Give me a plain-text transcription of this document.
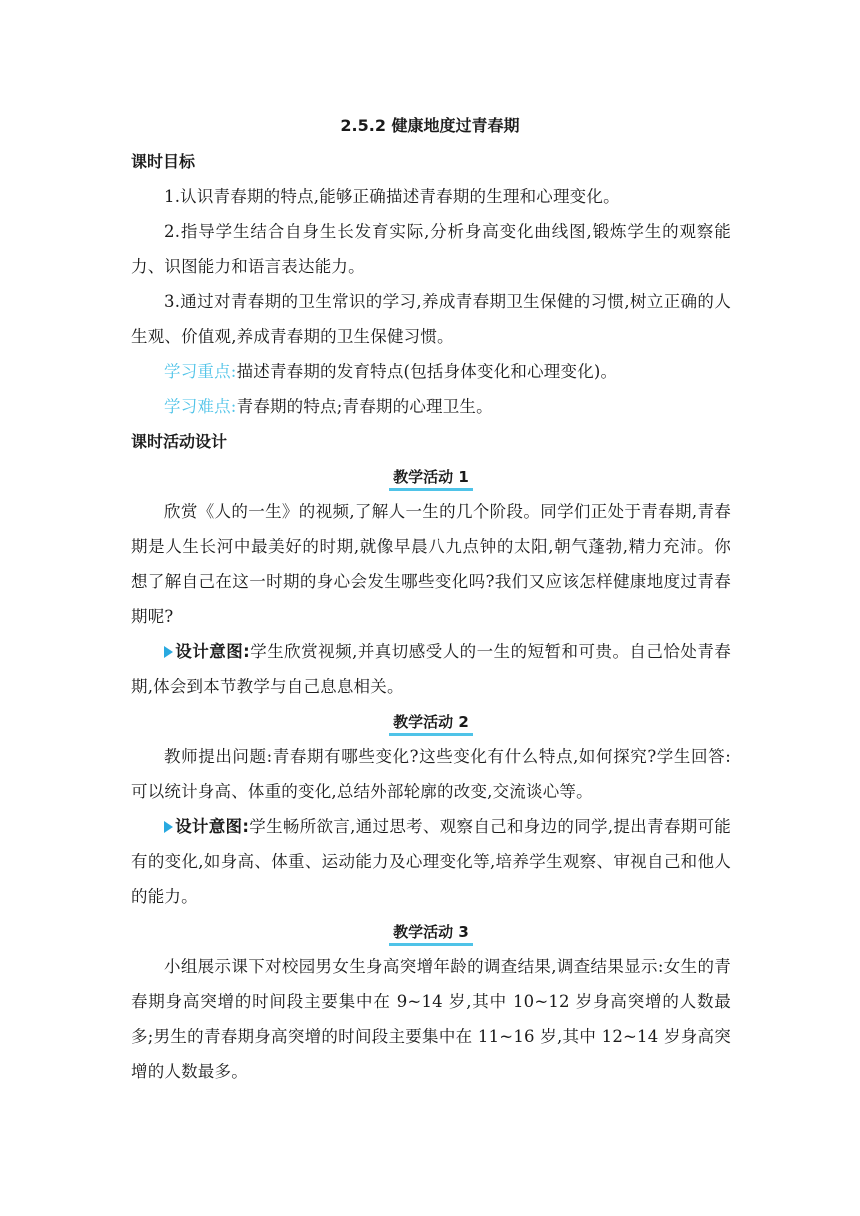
2.5.2 健康地度过青春期

课时目标

1.认识青春期的特点,能够正确描述青春期的生理和心理变化。

2.指导学生结合自身生长发育实际,分析身高变化曲线图,锻炼学生的观察能力、识图能力和语言表达能力。

3.通过对青春期的卫生常识的学习,养成青春期卫生保健的习惯,树立正确的人生观、价值观,养成青春期的卫生保健习惯。

学习重点:描述青春期的发育特点(包括身体变化和心理变化)。

学习难点:青春期的特点;青春期的心理卫生。

课时活动设计

教学活动 1

欣赏《人的一生》的视频,了解人一生的几个阶段。同学们正处于青春期,青春期是人生长河中最美好的时期,就像早晨八九点钟的太阳,朝气蓬勃,精力充沛。你想了解自己在这一时期的身心会发生哪些变化吗?我们又应该怎样健康地度过青春期呢?

设计意图:学生欣赏视频,并真切感受人的一生的短暂和可贵。自己恰处青春期,体会到本节教学与自己息息相关。

教学活动 2

教师提出问题:青春期有哪些变化?这些变化有什么特点,如何探究?学生回答:可以统计身高、体重的变化,总结外部轮廓的改变,交流谈心等。

设计意图:学生畅所欲言,通过思考、观察自己和身边的同学,提出青春期可能有的变化,如身高、体重、运动能力及心理变化等,培养学生观察、审视自己和他人的能力。

教学活动 3

小组展示课下对校园男女生身高突增年龄的调查结果,调查结果显示:女生的青春期身高突增的时间段主要集中在 9~14 岁,其中 10~12 岁身高突增的人数最多;男生的青春期身高突增的时间段主要集中在 11~16 岁,其中 12~14 岁身高突增的人数最多。
